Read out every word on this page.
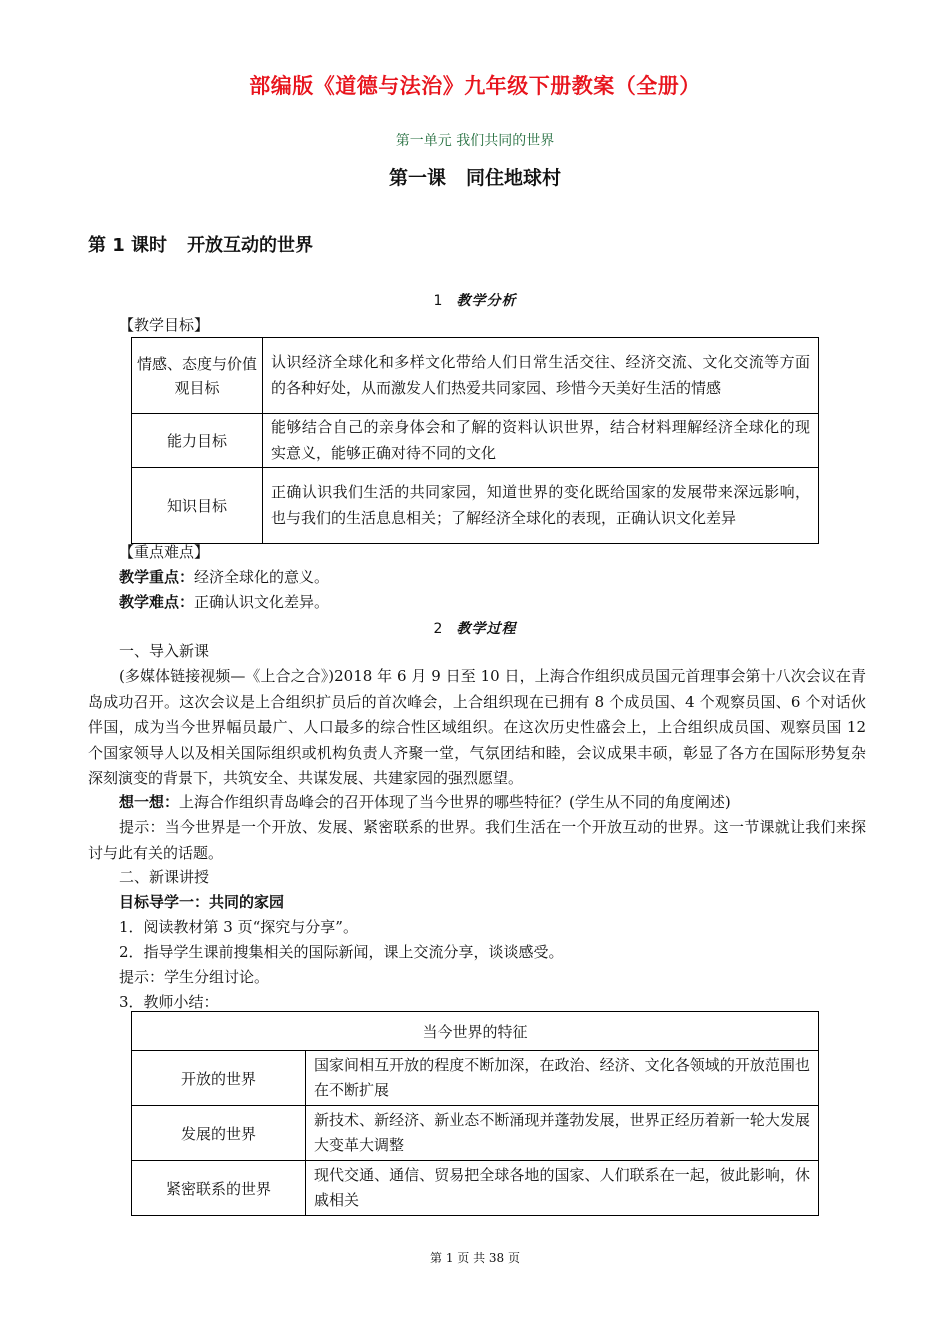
部编版《道德与法治》九年级下册教案（全册）
第一单元 我们共同的世界
第一课 同住地球村
第 1 课时 开放互动的世界
1 教学分析
【教学目标】
情感、态度与价值观目标	认识经济全球化和多样文化带给人们日常生活交往、经济交流、文化交流等方面的各种好处，从而激发人们热爱共同家园、珍惜今天美好生活的情感
能力目标	能够结合自己的亲身体会和了解的资料认识世界，结合材料理解经济全球化的现实意义，能够正确对待不同的文化
知识目标	正确认识我们生活的共同家园，知道世界的变化既给国家的发展带来深远影响，也与我们的生活息息相关；了解经济全球化的表现，正确认识文化差异
【重点难点】
教学重点：经济全球化的意义。
教学难点：正确认识文化差异。
2 教学过程
一、导入新课
(多媒体链接视频—《上合之合》)2018 年 6 月 9 日至 10 日，上海合作组织成员国元首理事会第十八次会议在青岛成功召开。这次会议是上合组织扩员后的首次峰会，上合组织现在已拥有 8 个成员国、4 个观察员国、6 个对话伙伴国，成为当今世界幅员最广、人口最多的综合性区域组织。在这次历史性盛会上，上合组织成员国、观察员国 12 个国家领导人以及相关国际组织或机构负责人齐聚一堂，气氛团结和睦，会议成果丰硕，彰显了各方在国际形势复杂深刻演变的背景下，共筑安全、共谋发展、共建家园的强烈愿望。
想一想：上海合作组织青岛峰会的召开体现了当今世界的哪些特征？(学生从不同的角度阐述)
提示：当今世界是一个开放、发展、紧密联系的世界。我们生活在一个开放互动的世界。这一节课就让我们来探讨与此有关的话题。
二、新课讲授
目标导学一：共同的家园
1．阅读教材第 3 页“探究与分享”。
2．指导学生课前搜集相关的国际新闻，课上交流分享，谈谈感受。
提示：学生分组讨论。
3．教师小结：
当今世界的特征	
开放的世界	国家间相互开放的程度不断加深，在政治、经济、文化各领域的开放范围也在不断扩展
发展的世界	新技术、新经济、新业态不断涌现并蓬勃发展，世界正经历着新一轮大发展大变革大调整
紧密联系的世界	现代交通、通信、贸易把全球各地的国家、人们联系在一起，彼此影响，休戚相关
第 1 页 共 38 页
